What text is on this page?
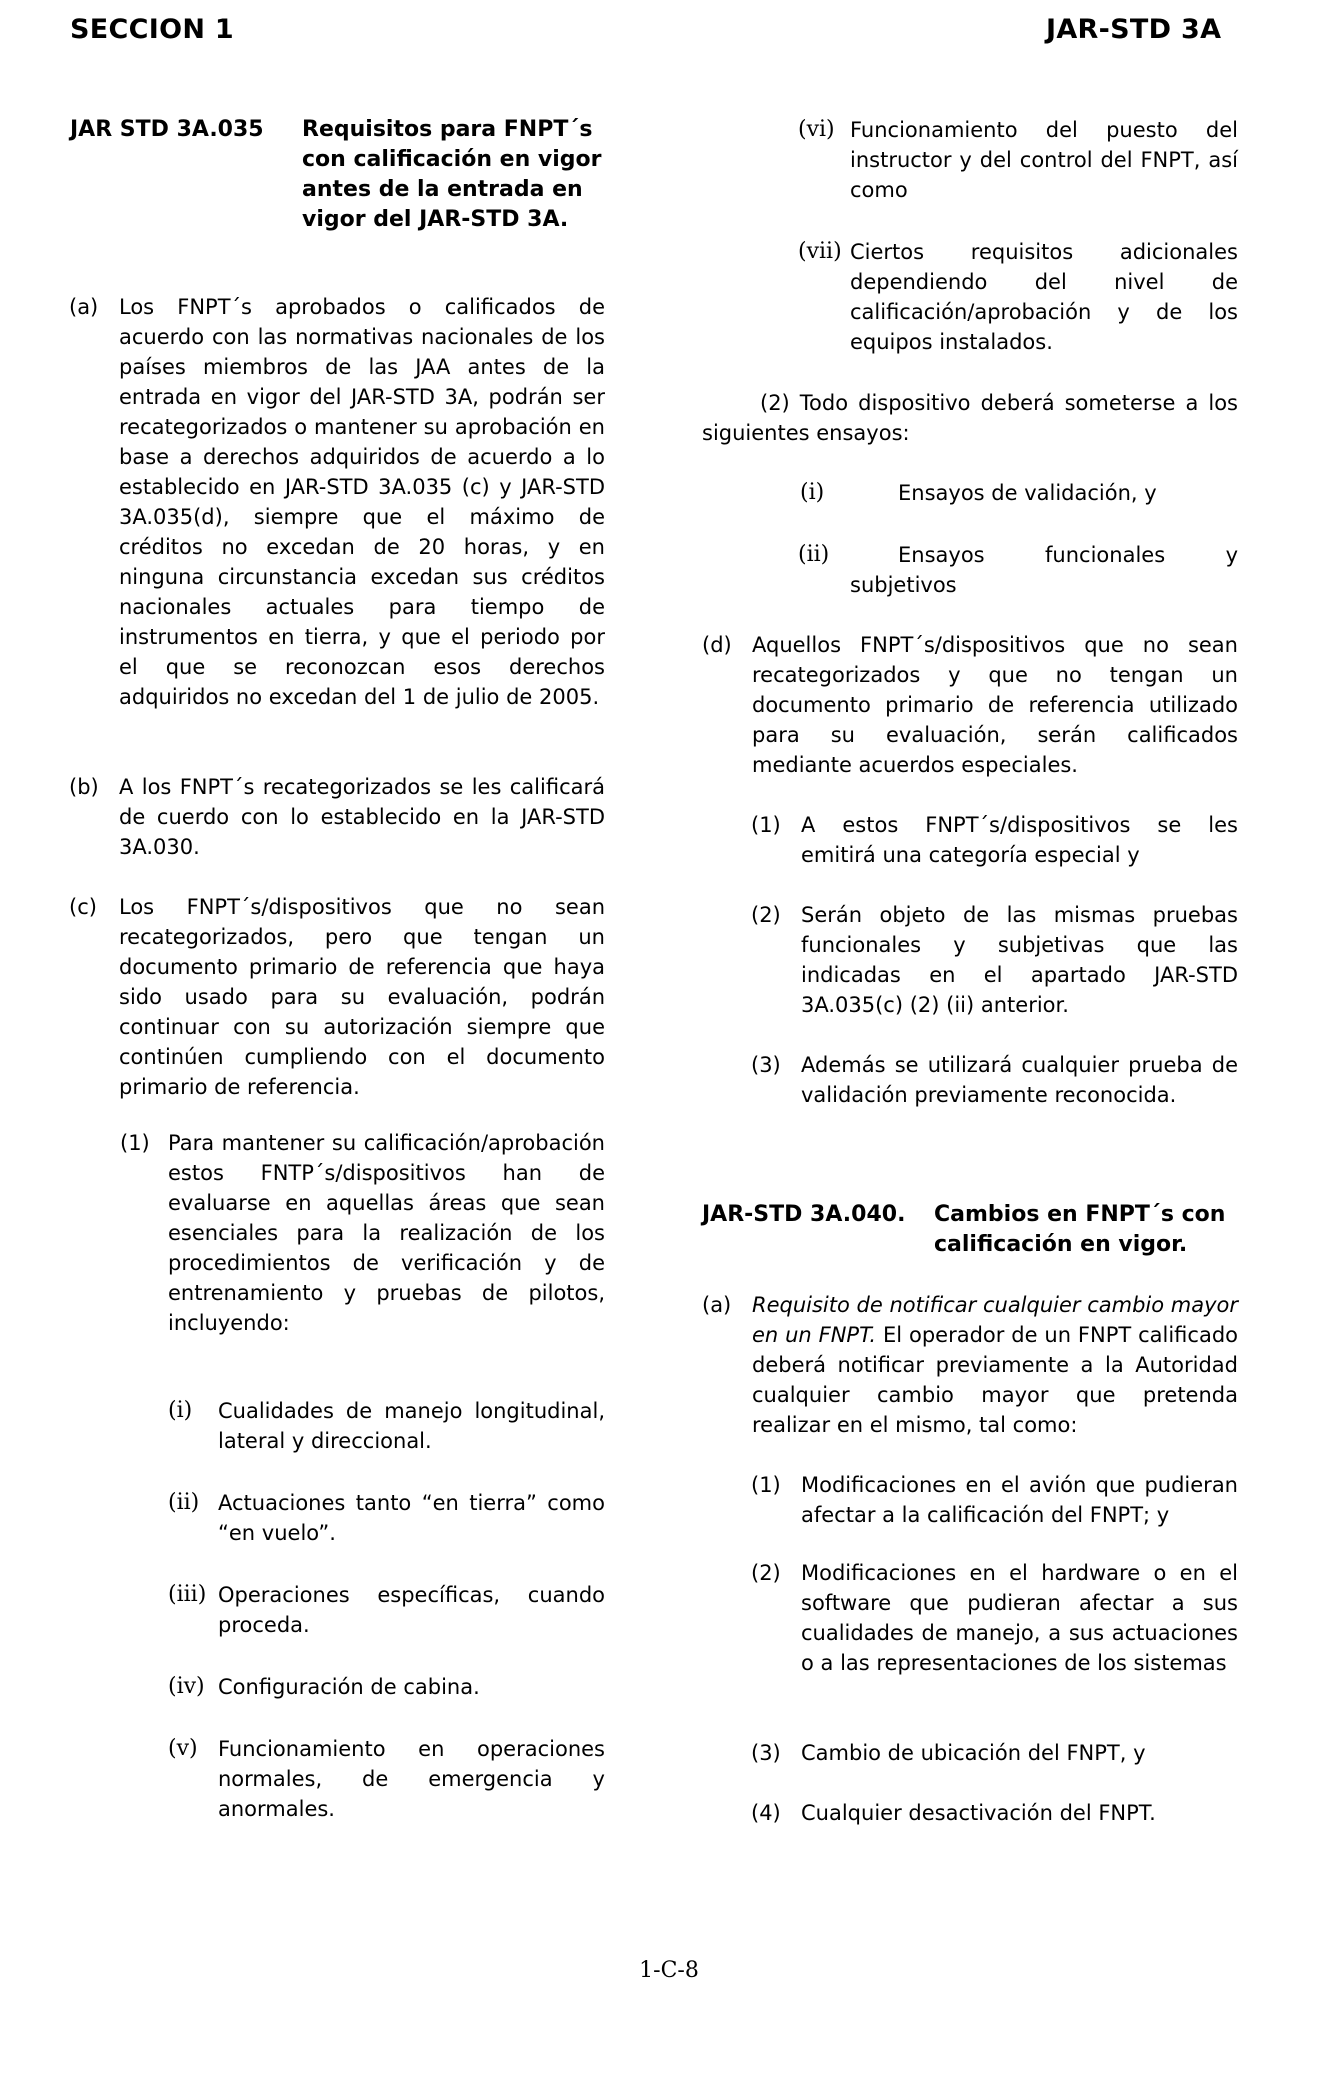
SECCION 1	JAR-STD 3A
JAR STD 3A.035 Requisitos para FNPT´s con calificación en vigor antes de la entrada en vigor del JAR-STD 3A.
(a) Los FNPT´s aprobados o calificados de acuerdo con las normativas nacionales de los países miembros de las JAA antes de la entrada en vigor del JAR-STD 3A, podrán ser recategorizados o mantener su aprobación en base a derechos adquiridos de acuerdo a lo establecido en JAR-STD 3A.035 (c) y JAR-STD 3A.035(d), siempre que el máximo de créditos no excedan de 20 horas, y en ninguna circunstancia excedan sus créditos nacionales actuales para tiempo de instrumentos en tierra, y que el periodo por el que se reconozcan esos derechos adquiridos no excedan del 1 de julio de 2005.
(b) A los FNPT´s recategorizados se les calificará de cuerdo con lo establecido en la JAR-STD 3A.030.
(c) Los FNPT´s/dispositivos que no sean recategorizados, pero que tengan un documento primario de referencia que haya sido usado para su evaluación, podrán continuar con su autorización siempre que continúen cumpliendo con el documento primario de referencia.
(1) Para mantener su calificación/aprobación estos FNTP´s/dispositivos han de evaluarse en aquellas áreas que sean esenciales para la realización de los procedimientos de verificación y de entrenamiento y pruebas de pilotos, incluyendo:
(i) Cualidades de manejo longitudinal, lateral y direccional.
(ii) Actuaciones tanto “en tierra” como “en vuelo”.
(iii) Operaciones específicas, cuando proceda.
(iv) Configuración de cabina.
(v) Funcionamiento en operaciones normales, de emergencia y anormales.
(vi) Funcionamiento del puesto del instructor y del control del FNPT, así como
(vii) Ciertos requisitos adicionales dependiendo del nivel de calificación/aprobación y de los equipos instalados.
(2) Todo dispositivo deberá someterse a los siguientes ensayos:
(i)	Ensayos de validación, y
(ii)	Ensayos funcionales y subjetivos
(d) Aquellos FNPT´s/dispositivos que no sean recategorizados y que no tengan un documento primario de referencia utilizado para su evaluación, serán calificados mediante acuerdos especiales.
(1) A estos FNPT´s/dispositivos se les emitirá una categoría especial y
(2) Serán objeto de las mismas pruebas funcionales y subjetivas que las indicadas en el apartado JAR-STD 3A.035(c) (2) (ii) anterior.
(3) Además se utilizará cualquier prueba de validación previamente reconocida.
JAR-STD 3A.040. Cambios en FNPT´s con calificación en vigor.
(a) Requisito de notificar cualquier cambio mayor en un FNPT. El operador de un FNPT calificado deberá notificar previamente a la Autoridad cualquier cambio mayor que pretenda realizar en el mismo, tal como:
(1) Modificaciones en el avión que pudieran afectar a la calificación del FNPT; y
(2) Modificaciones en el hardware o en el software que pudieran afectar a sus cualidades de manejo, a sus actuaciones o a las representaciones de los sistemas
(3) Cambio de ubicación del FNPT, y
(4) Cualquier desactivación del FNPT.
1-C-8
